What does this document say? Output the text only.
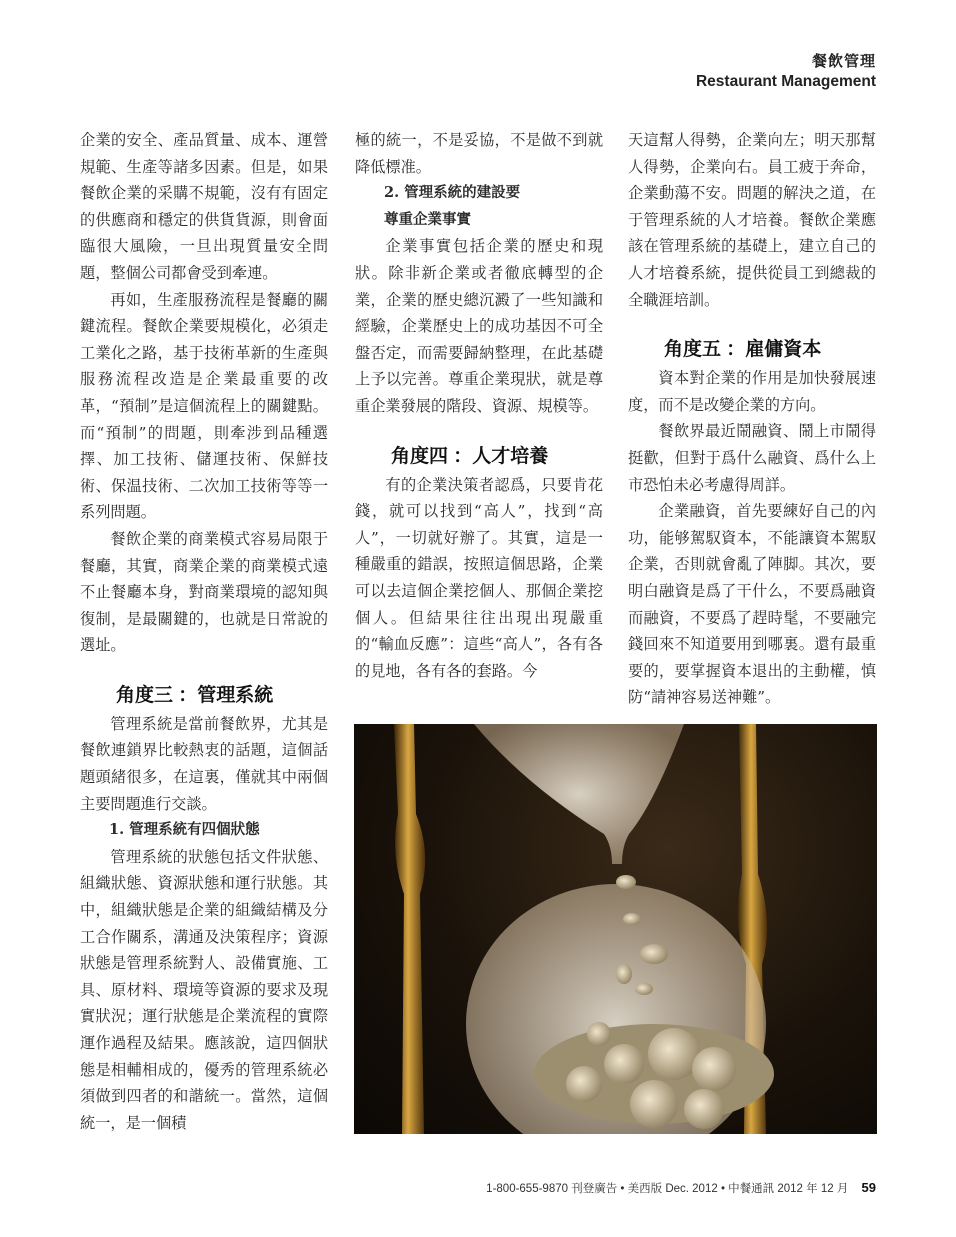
餐飲管理
Restaurant Management

企業的安全、產品質量、成本、運營規範、生產等諸多因素。但是，如果餐飲企業的采購不規範，沒有有固定的供應商和穩定的供貨貨源，則會面臨很大風險，一旦出現質量安全問題，整個公司都會受到牽連。

再如，生產服務流程是餐廳的關鍵流程。餐飲企業要規模化，必須走工業化之路，基于技術革新的生產與服務流程改造是企業最重要的改革，“預制”是這個流程上的關鍵點。而“預制”的問題，則牽涉到品種選擇、加工技術、儲運技術、保鮮技術、保温技術、二次加工技術等等一系列問題。

餐飲企業的商業模式容易局限于餐廳，其實，商業企業的商業模式遠不止餐廳本身，對商業環境的認知與復制，是最關鍵的，也就是日常說的選址。

角度三 ：管理系統

管理系統是當前餐飲界，尤其是餐飲連鎖界比較熱衷的話題，這個話題頭緒很多，在這裏，僅就其中兩個主要問題進行交談。

1. 管理系統有四個狀態

管理系統的狀態包括文件狀態、組織狀態、資源狀態和運行狀態。其中，組織狀態是企業的組織結構及分工合作關系，溝通及決策程序；資源狀態是管理系統對人、設備實施、工具、原材料、環境等資源的要求及現實狀況；運行狀態是企業流程的實際運作過程及結果。應該說，這四個狀態是相輔相成的，優秀的管理系統必須做到四者的和諧統一。當然，這個統一，是一個積

極的統一，不是妥協，不是做不到就降低標准。

2. 管理系統的建設要

尊重企業事實

企業事實包括企業的歷史和現狀。除非新企業或者徹底轉型的企業，企業的歷史總沉澱了一些知識和經驗，企業歷史上的成功基因不可全盤否定，而需要歸納整理，在此基礎上予以完善。尊重企業現狀，就是尊重企業發展的階段、資源、規模等。

角度四 ：人才培養

有的企業決策者認爲，只要肯花錢，就可以找到“高人”，找到“高人”，一切就好辦了。其實，這是一種嚴重的錯誤，按照這個思路，企業可以去這個企業挖個人、那個企業挖個人。但結果往往出現出現嚴重的“輸血反應”：這些“高人”，各有各的見地，各有各的套路。今

天這幫人得勢，企業向左；明天那幫人得勢，企業向右。員工疲于奔命，企業動蕩不安。問題的解決之道，在于管理系統的人才培養。餐飲企業應該在管理系統的基礎上，建立自己的人才培養系統，提供從員工到總裁的全職涯培訓。

角度五 ：雇傭資本

資本對企業的作用是加快發展速度，而不是改變企業的方向。

餐飲界最近鬧融資、鬧上市鬧得挺歡，但對于爲什么融資、爲什么上市恐怕未必考慮得周詳。

企業融資，首先要練好自己的內功，能够駕馭資本，不能讓資本駕馭企業，否則就會亂了陣脚。其次，要明白融資是爲了干什么，不要爲融資而融資，不要爲了趕時髦，不要融完錢回來不知道要用到哪裏。還有最重要的，要掌握資本退出的主動權，慎防“請神容易送神難”。

1-800-655-9870 刊登廣告 • 美西版 Dec. 2012 • 中餐通訊 2012 年 12 月 59
